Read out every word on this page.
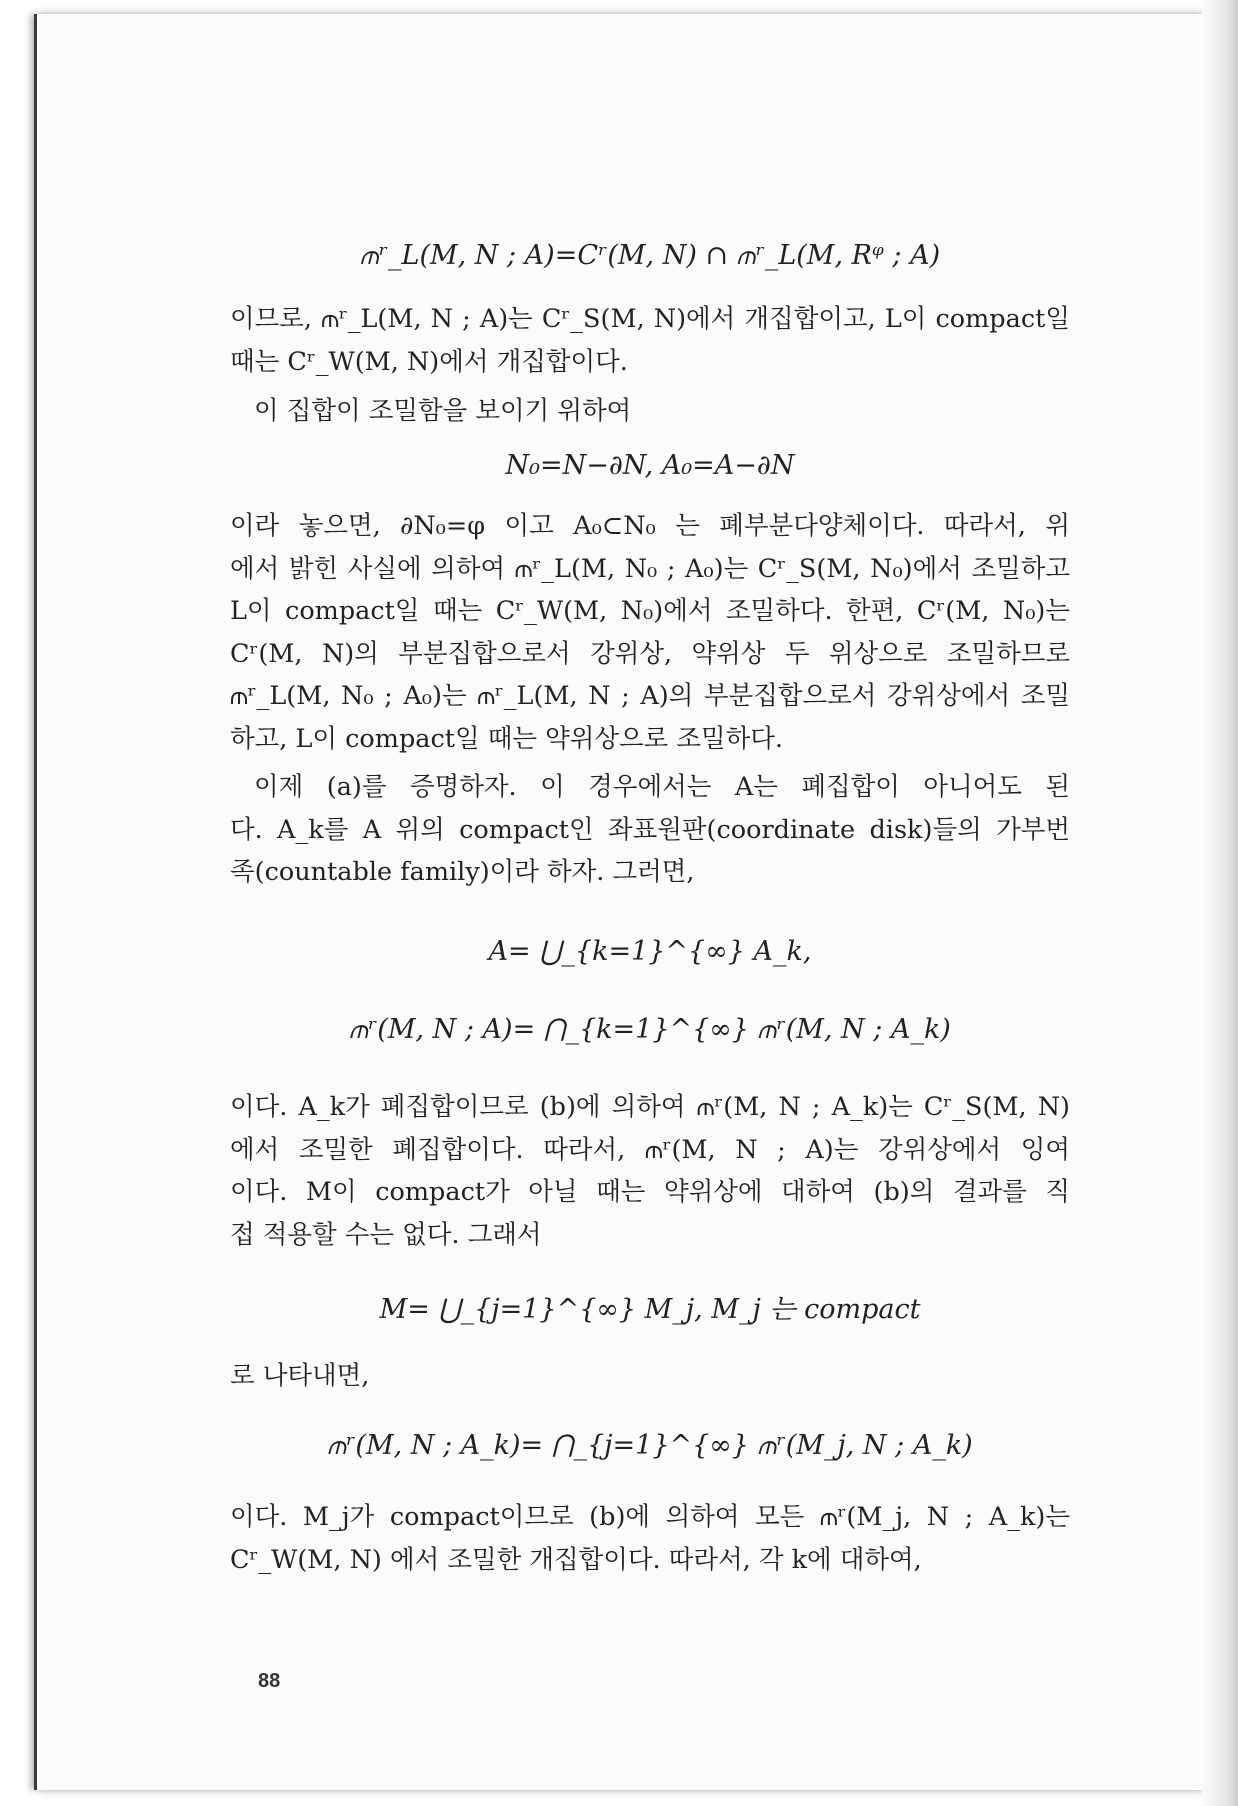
⫙ʳ_L(M, N ; A)=Cʳ(M, N) ∩ ⫙ʳ_L(M, Rᵠ ; A)
이므로, ⫙ʳ_L(M, N ; A)는 Cʳ_S(M, N)에서 개집합이고, L이 compact일
때는 Cʳ_W(M, N)에서 개집합이다.
이 집합이 조밀함을 보이기 위하여
N₀=N−∂N, A₀=A−∂N
이라 놓으면, ∂N₀=φ 이고 A₀⊂N₀ 는 폐부분다양체이다. 따라서, 위
에서 밝힌 사실에 의하여 ⫙ʳ_L(M, N₀ ; A₀)는 Cʳ_S(M, N₀)에서 조밀하고
L이 compact일 때는 Cʳ_W(M, N₀)에서 조밀하다. 한편, Cʳ(M, N₀)는
Cʳ(M, N)의 부분집합으로서 강위상, 약위상 두 위상으로 조밀하므로
⫙ʳ_L(M, N₀ ; A₀)는 ⫙ʳ_L(M, N ; A)의 부분집합으로서 강위상에서 조밀
하고, L이 compact일 때는 약위상으로 조밀하다.
이제 (a)를 증명하자. 이 경우에서는 A는 폐집합이 아니어도 된
다. A_k를 A 위의 compact인 좌표원판(coordinate disk)들의 가부번
족(countable family)이라 하자. 그러면,
A= ⋃_{k=1}^{∞} A_k,
⫙ʳ(M, N ; A)= ⋂_{k=1}^{∞} ⫙ʳ(M, N ; A_k)
이다. A_k가 폐집합이므로 (b)에 의하여 ⫙ʳ(M, N ; A_k)는 Cʳ_S(M, N)
에서 조밀한 폐집합이다. 따라서, ⫙ʳ(M, N ; A)는 강위상에서 잉여
이다. M이 compact가 아닐 때는 약위상에 대하여 (b)의 결과를 직
접 적용할 수는 없다. 그래서
M= ⋃_{j=1}^{∞} M_j, M_j 는 compact
로 나타내면,
⫙ʳ(M, N ; A_k)= ⋂_{j=1}^{∞} ⫙ʳ(M_j, N ; A_k)
이다. M_j가 compact이므로 (b)에 의하여 모든 ⫙ʳ(M_j, N ; A_k)는
Cʳ_W(M, N) 에서 조밀한 개집합이다. 따라서, 각 k에 대하여,
88
